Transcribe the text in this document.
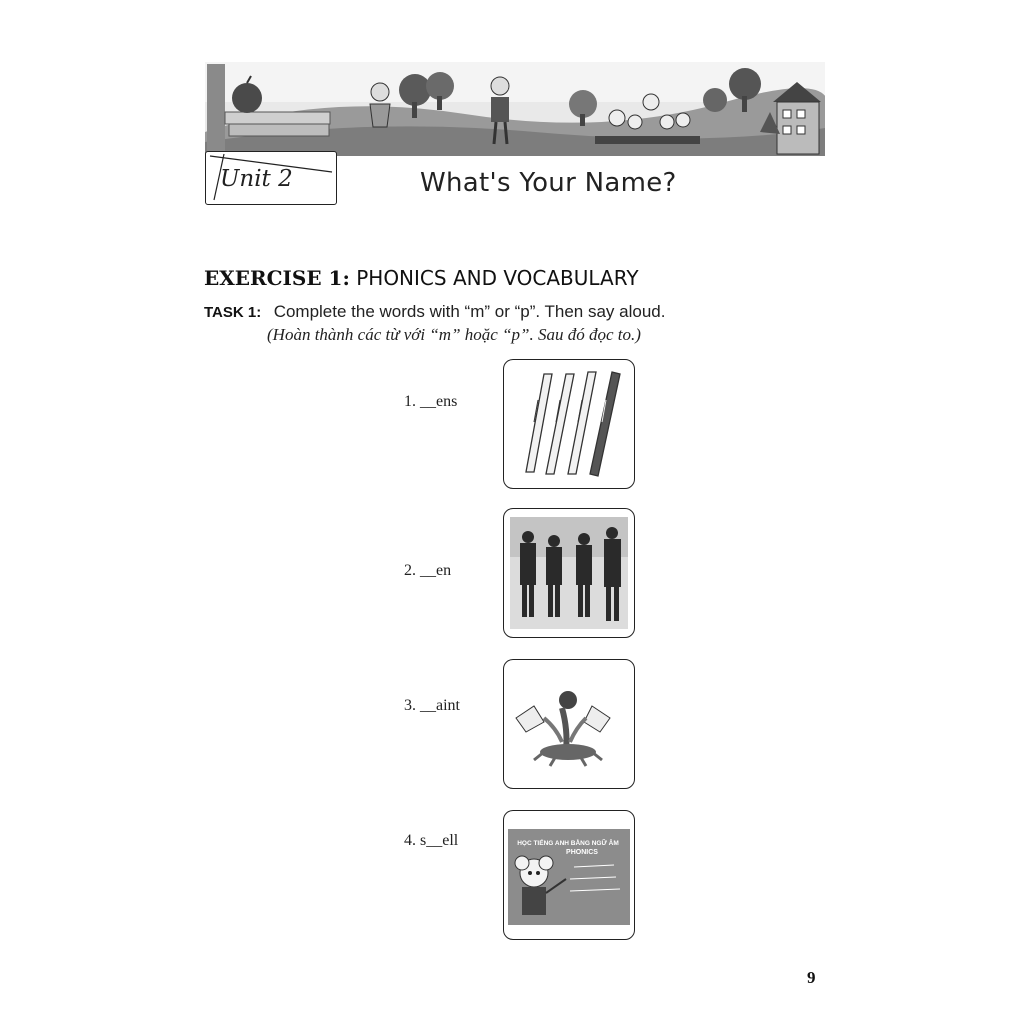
Unit 2	What's Your Name?
EXERCISE 1: PHONICS AND VOCABULARY
TASK 1: Complete the words with “m” or “p”. Then say aloud.
(Hoàn thành các từ với “m” hoặc “p”. Sau đó đọc to.)
1. __ens
2. __en
3. __aint
4. s__ell	HỌC TIẾNG ANH BẰNG NGỮ ÂM
PHONICS
9
